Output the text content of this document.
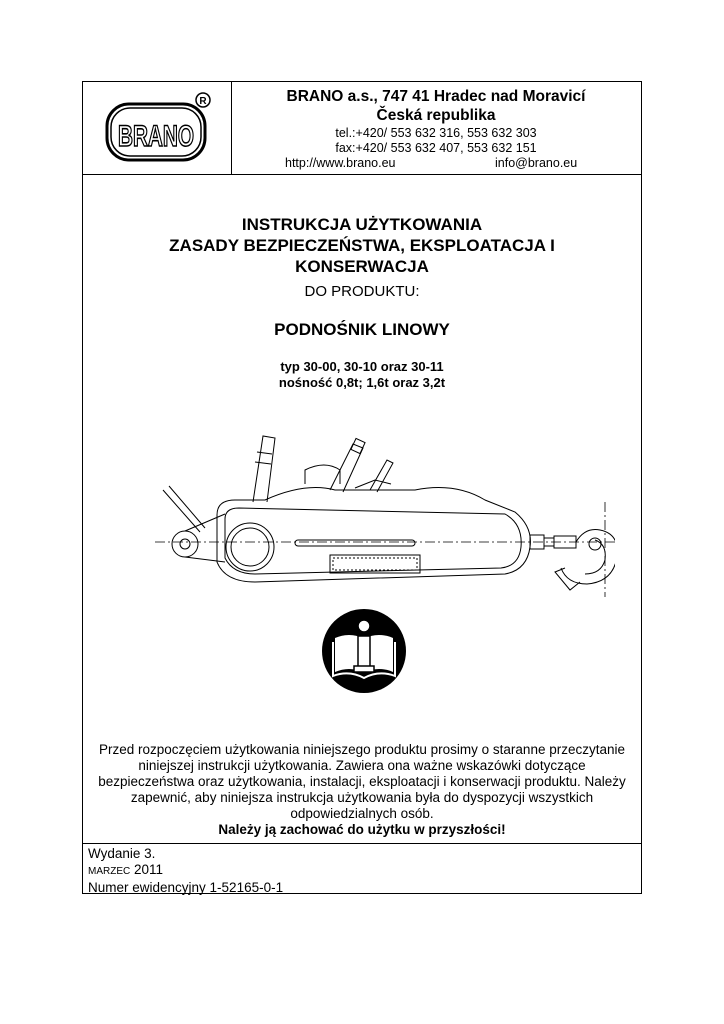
BRANO
R	BRANO a.s., 747 41 Hradec nad Moravicí
Česká republika
tel.:+420/ 553 632 316, 553 632 303
fax:+420/ 553 632 407, 553 632 151
http://www.brano.eu	info@brano.eu
INSTRUKCJA UŻYTKOWANIA
ZASADY BEZPIECZEŃSTWA, EKSPLOATACJA I
KONSERWACJA
DO PRODUKTU:
PODNOŚNIK LINOWY
typ 30-00, 30-10 oraz 30-11
nośność 0,8t; 1,6t oraz 3,2t
Przed rozpoczęciem użytkowania niniejszego produktu prosimy o staranne przeczytanie niniejszej instrukcji użytkowania. Zawiera ona ważne wskazówki dotyczące bezpieczeństwa oraz użytkowania, instalacji, eksploatacji i konserwacji produktu. Należy zapewnić, aby niniejsza instrukcja użytkowania była do dyspozycji wszystkich odpowiedzialnych osób.
Należy ją zachować do użytku w przyszłości!
Wydanie 3.
MARZEC 2011
Numer ewidencyjny 1-52165-0-1
